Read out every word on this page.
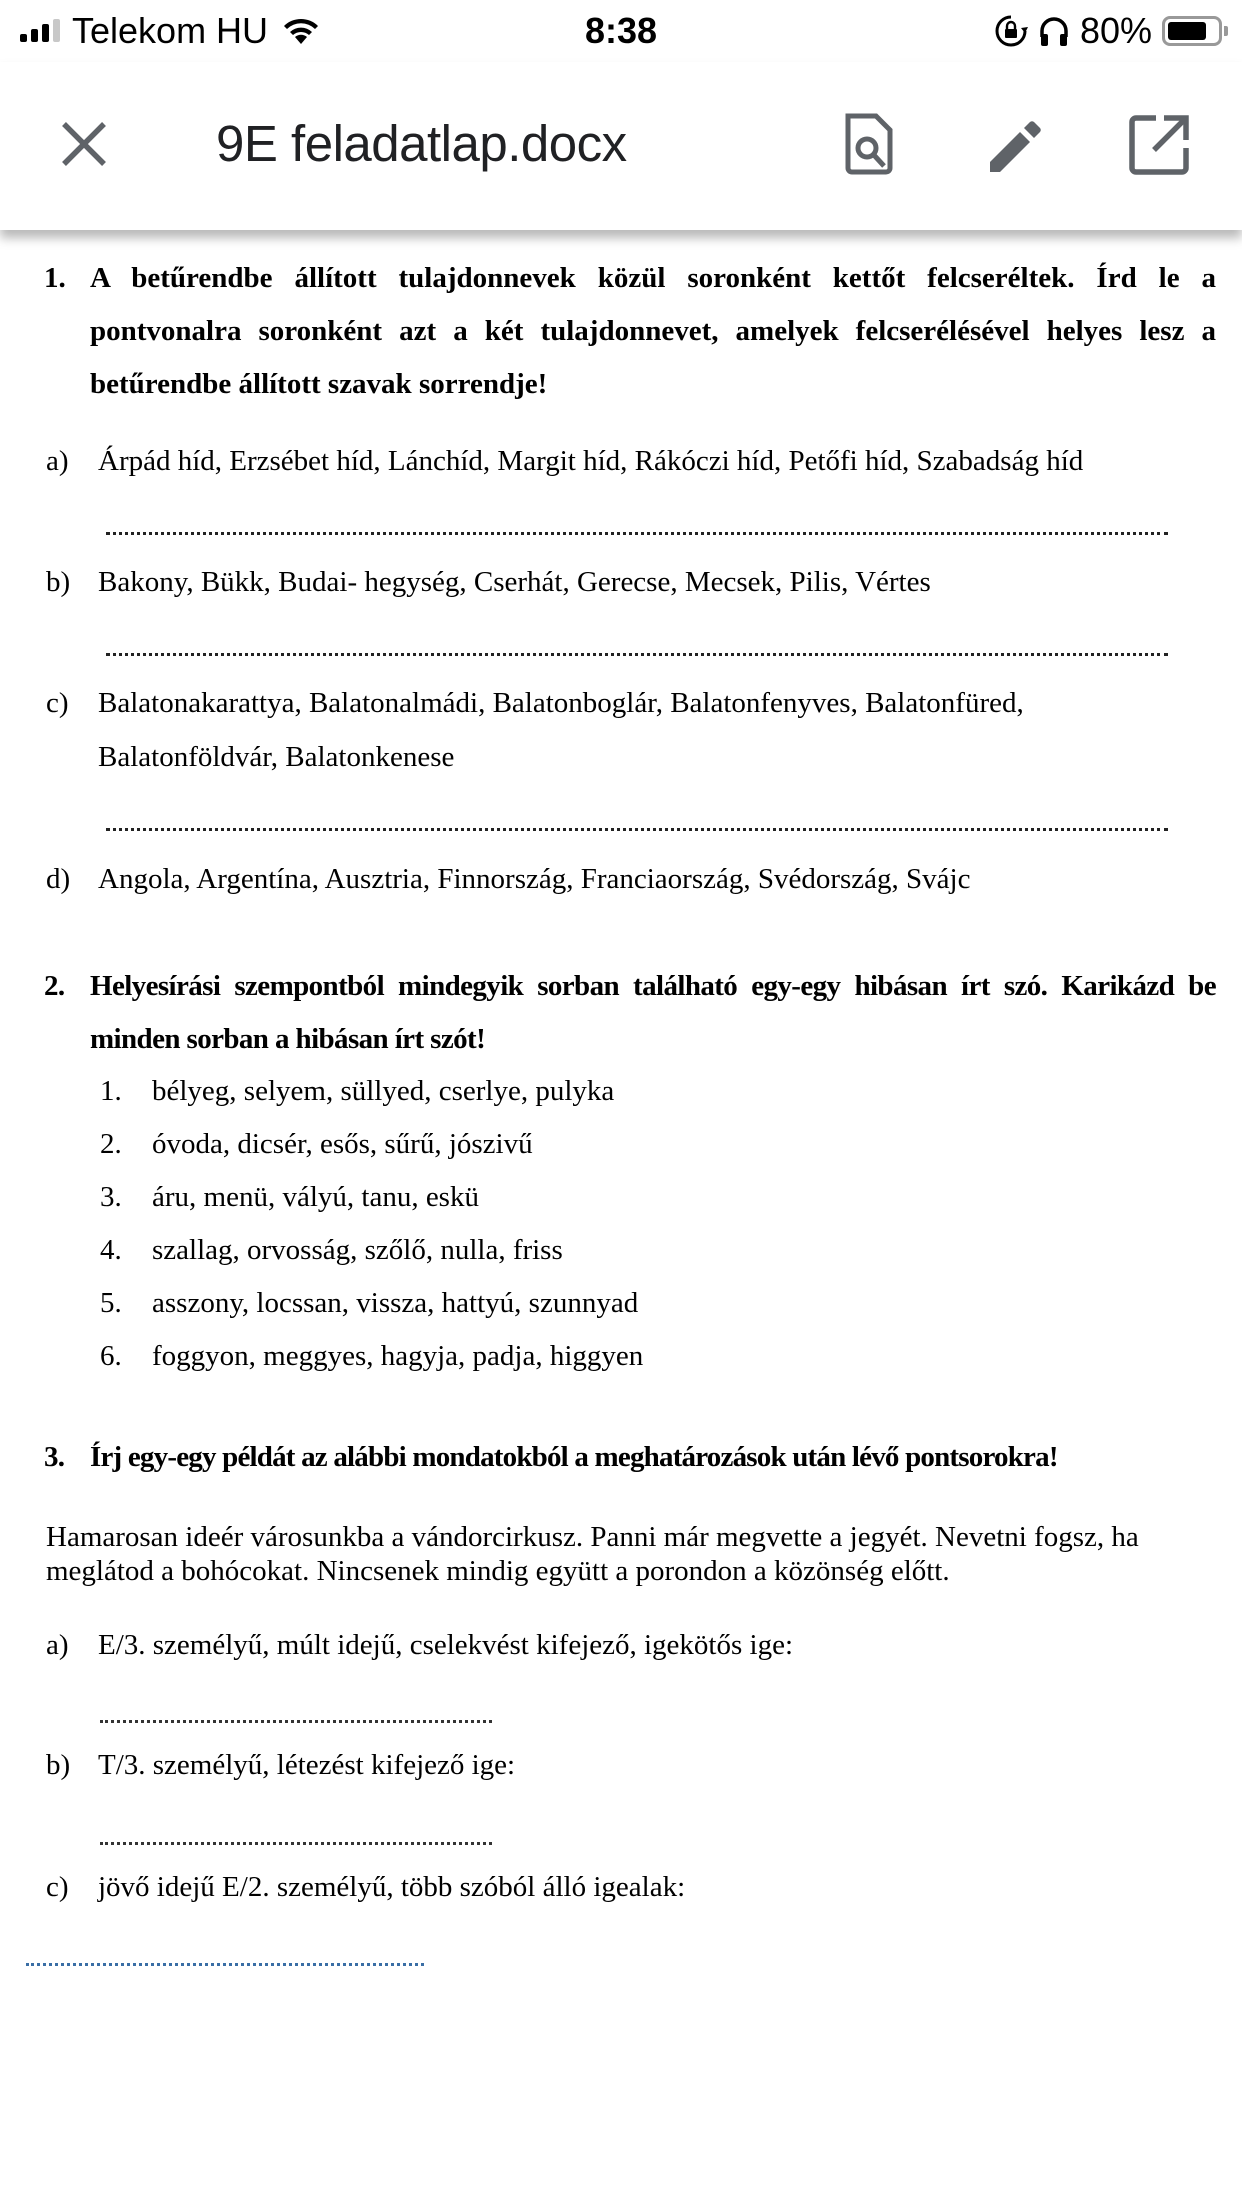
Telekom HU	8:38	80%
9E feladatlap.docx
1. A betűrendbe állított tulajdonnevek közül soronként kettőt felcseréltek. Írd le a pontvonalra soronként azt a két tulajdonnevet, amelyek felcserélésével helyes lesz a betűrendbe állított szavak sorrendje!
a) Árpád híd, Erzsébet híd, Lánchíd, Margit híd, Rákóczi híd, Petőfi híd, Szabadság híd
b) Bakony, Bükk, Budai- hegység, Cserhát, Gerecse, Mecsek, Pilis, Vértes
c) Balatonakarattya, Balatonalmádi, Balatonboglár, Balatonfenyves, Balatonfüred, Balatonföldvár, Balatonkenese
d) Angola, Argentína, Ausztria, Finnország, Franciaország, Svédország, Svájc
2. Helyesírási szempontból mindegyik sorban található egy-egy hibásan írt szó. Karikázd be minden sorban a hibásan írt szót!
1. bélyeg, selyem, süllyed, cserlye, pulyka
2. óvoda, dicsér, esős, sűrű, jószivű
3. áru, menü, vályú, tanu, eskü
4. szallag, orvosság, szőlő, nulla, friss
5. asszony, locssan, vissza, hattyú, szunnyad
6. foggyon, meggyes, hagyja, padja, higgyen
3. Írj egy-egy példát az alábbi mondatokból a meghatározások után lévő pontsorokra!
Hamarosan ideér városunkba a vándorcirkusz. Panni már megvette a jegyét. Nevetni fogsz, ha meglátod a bohócokat. Nincsenek mindig együtt a porondon a közönség előtt.
a) E/3. személyű, múlt idejű, cselekvést kifejező, igekötős ige:
b) T/3. személyű, létezést kifejező ige:
c) jövő idejű E/2. személyű, több szóból álló igealak:
